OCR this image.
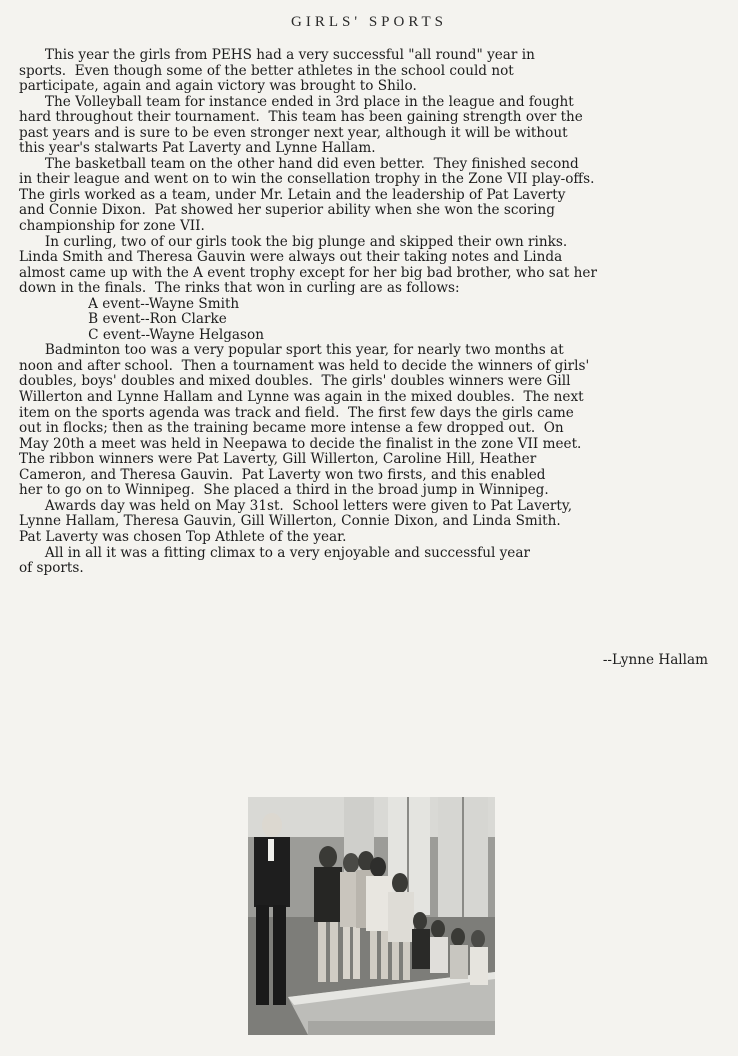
GIRLS' SPORTS
This year the girls from PEHS had a very successful "all round" year in
sports.  Even though some of the better athletes in the school could not
participate, again and again victory was brought to Shilo.
The Volleyball team for instance ended in 3rd place in the league and fought
hard throughout their tournament.  This team has been gaining strength over the
past years and is sure to be even stronger next year, although it will be without
this year's stalwarts Pat Laverty and Lynne Hallam.
The basketball team on the other hand did even better.  They finished second
in their league and went on to win the consellation trophy in the Zone VII play-offs.
The girls worked as a team, under Mr. Letain and the leadership of Pat Laverty
and Connie Dixon.  Pat showed her superior ability when she won the scoring
championship for zone VII.
In curling, two of our girls took the big plunge and skipped their own rinks.
Linda Smith and Theresa Gauvin were always out their taking notes and Linda
almost came up with the A event trophy except for her big bad brother, who sat her
down in the finals.  The rinks that won in curling are as follows:
A event--Wayne Smith
B event--Ron Clarke
C event--Wayne Helgason
Badminton too was a very popular sport this year, for nearly two months at
noon and after school.  Then a tournament was held to decide the winners of girls'
doubles, boys' doubles and mixed doubles.  The girls' doubles winners were Gill
Willerton and Lynne Hallam and Lynne was again in the mixed doubles.  The next
item on the sports agenda was track and field.  The first few days the girls came
out in flocks; then as the training became more intense a few dropped out.  On
May 20th a meet was held in Neepawa to decide the finalist in the zone VII meet.
The ribbon winners were Pat Laverty, Gill Willerton, Caroline Hill, Heather
Cameron, and Theresa Gauvin.  Pat Laverty won two firsts, and this enabled
her to go on to Winnipeg.  She placed a third in the broad jump in Winnipeg.
Awards day was held on May 31st.  School letters were given to Pat Laverty,
Lynne Hallam, Theresa Gauvin, Gill Willerton, Connie Dixon, and Linda Smith.
Pat Laverty was chosen Top Athlete of the year.
All in all it was a fitting climax to a very enjoyable and successful year
of sports.
--Lynne Hallam
